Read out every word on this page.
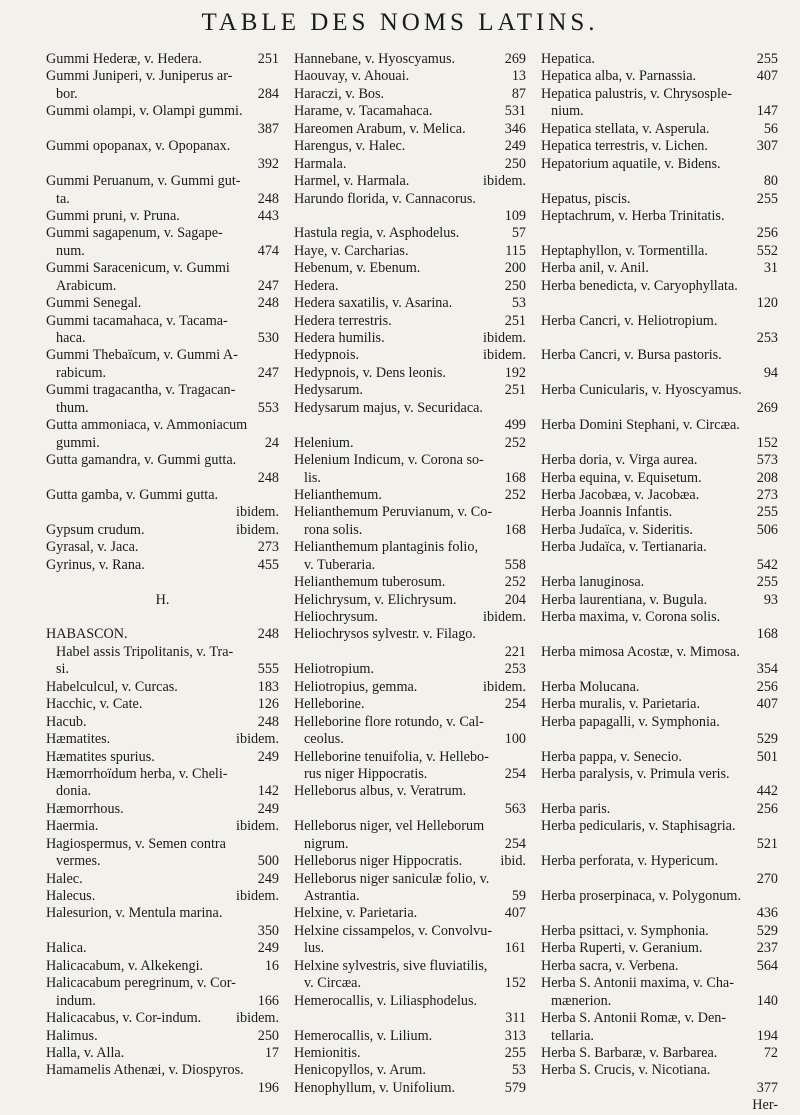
TABLE DES NOMS LATINS.
Gummi Hederæ, v. Hedera.	251
Gummi Juniperi, v. Juniperus ar-
bor.	284
Gummi olampi, v. Olampi gummi.
387
Gummi opopanax, v. Opopanax.
392
Gummi Peruanum, v. Gummi gut-
ta.	248
Gummi pruni, v. Pruna.	443
Gummi sagapenum, v. Sagape-
num.	474
Gummi Saracenicum, v. Gummi
Arabicum.	247
Gummi Senegal.	248
Gummi tacamahaca, v. Tacama-
haca.	530
Gummi Thebaïcum, v. Gummi A-
rabicum.	247
Gummi tragacantha, v. Tragacan-
thum.	553
Gutta ammoniaca, v. Ammoniacum
gummi.	24
Gutta gamandra, v. Gummi gutta.
248
Gutta gamba, v. Gummi gutta.
ibidem.
Gypsum crudum.	ibidem.
Gyrasal, v. Jaca.	273
Gyrinus, v. Rana.	455
H.
HABASCON.	248
Habel assis Tripolitanis, v. Tra-
si.	555
Habelculcul, v. Curcas.	183
Hacchic, v. Cate.	126
Hacub.	248
Hæmatites.	ibidem.
Hæmatites spurius.	249
Hæmorrhoïdum herba, v. Cheli-
donia.	142
Hæmorrhous.	249
Haermia.	ibidem.
Hagiospermus, v. Semen contra
vermes.	500
Halec.	249
Halecus.	ibidem.
Halesurion, v. Mentula marina.
350
Halica.	249
Halicacabum, v. Alkekengi.	16
Halicacabum peregrinum, v. Cor-
indum.	166
Halicacabus, v. Cor-indum. ibidem.
Halimus.	250
Halla, v. Alla.	17
Hamamelis Athenæi, v. Diospyros.
196
Hannebane, v. Hyoscyamus.	269
Haouvay, v. Ahouai.	13
Haraczi, v. Bos.	87
Harame, v. Tacamahaca.	531
Hareomen Arabum, v. Melica.	346
Harengus, v. Halec.	249
Harmala.	250
Harmel, v. Harmala.	ibidem.
Harundo florida, v. Cannacorus.
109
Hastula regia, v. Asphodelus.	57
Haye, v. Carcharias.	115
Hebenum, v. Ebenum.	200
Hedera.	250
Hedera saxatilis, v. Asarina.	53
Hedera terrestris.	251
Hedera humilis.	ibidem.
Hedypnois.	ibidem.
Hedypnois, v. Dens leonis.	192
Hedysarum.	251
Hedysarum majus, v. Securidaca.
499
Helenium.	252
Helenium Indicum, v. Corona so-
lis.	168
Helianthemum.	252
Helianthemum Peruvianum, v. Co-
rona solis.	168
Helianthemum plantaginis folio,
v. Tuberaria.	558
Helianthemum tuberosum.	252
Helichrysum, v. Elichrysum.	204
Heliochrysum.	ibidem.
Heliochrysos sylvestr. v. Filago.
221
Heliotropium.	253
Heliotropius, gemma.	ibidem.
Helleborine.	254
Helleborine flore rotundo, v. Cal-
ceolus.	100
Helleborine tenuifolia, v. Hellebo-
rus niger Hippocratis.	254
Helleborus albus, v. Veratrum.
563
Helleborus niger, vel Helleborum
nigrum.	254
Helleborus niger Hippocratis.	ibid.
Helleborus niger saniculæ folio, v.
Astrantia.	59
Helxine, v. Parietaria.	407
Helxine cissampelos, v. Convolvu-
lus.	161
Helxine sylvestris, sive fluviatilis,
v. Circæa.	152
Hemerocallis, v. Liliasphodelus.
311
Hemerocallis, v. Lilium.	313
Hemionitis.	255
Henicopyllos, v. Arum.	53
Henophyllum, v. Unifolium.	579
Hepatica.	255
Hepatica alba, v. Parnassia.	407
Hepatica palustris, v. Chrysosple-
nium.	147
Hepatica stellata, v. Asperula.	56
Hepatica terrestris, v. Lichen.	307
Hepatorium aquatile, v. Bidens.
80
Hepatus, piscis.	255
Heptachrum, v. Herba Trinitatis.
256
Heptaphyllon, v. Tormentilla.	552
Herba anil, v. Anil.	31
Herba benedicta, v. Caryophyllata.
120
Herba Cancri, v. Heliotropium.
253
Herba Cancri, v. Bursa pastoris.
94
Herba Cunicularis, v. Hyoscyamus.
269
Herba Domini Stephani, v. Circæa.
152
Herba doria, v. Virga aurea.	573
Herba equina, v. Equisetum.	208
Herba Jacobæa, v. Jacobæa.	273
Herba Joannis Infantis.	255
Herba Judaïca, v. Sideritis.	506
Herba Judaïca, v. Tertianaria.
542
Herba lanuginosa.	255
Herba laurentiana, v. Bugula.	93
Herba maxima, v. Corona solis.
168
Herba mimosa Acostæ, v. Mimosa.
354
Herba Molucana.	256
Herba muralis, v. Parietaria.	407
Herba papagalli, v. Symphonia.
529
Herba pappa, v. Senecio.	501
Herba paralysis, v. Primula veris.
442
Herba paris.	256
Herba pedicularis, v. Staphisagria.
521
Herba perforata, v. Hypericum.
270
Herba proserpinaca, v. Polygonum.
436
Herba psittaci, v. Symphonia.	529
Herba Ruperti, v. Geranium.	237
Herba sacra, v. Verbena.	564
Herba S. Antonii maxima, v. Cha-
mænerion.	140
Herba S. Antonii Romæ, v. Den-
tellaria.	194
Herba S. Barbaræ, v. Barbarea.	72
Herba S. Crucis, v. Nicotiana.
377
Her-
